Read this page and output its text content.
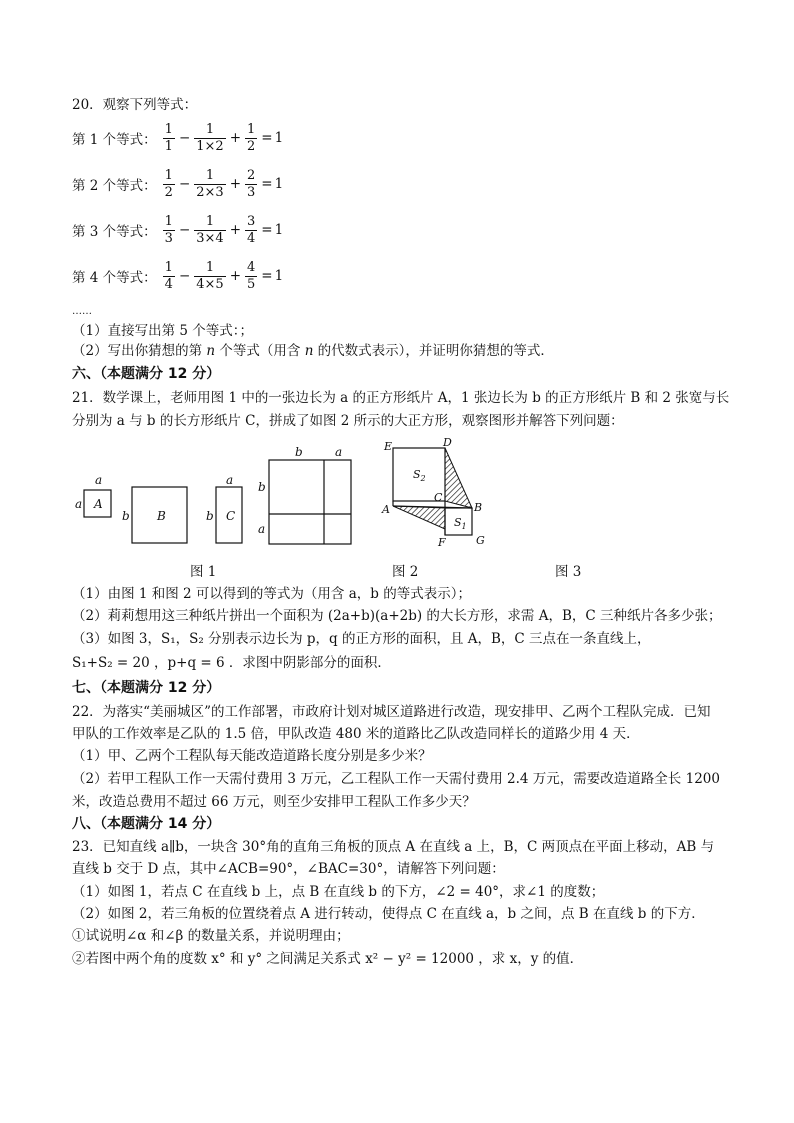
20．观察下列等式：
第 1 个等式： $\frac{1}{1} - \frac{1}{1\times 2} + \frac{1}{2} = 1$
第 2 个等式： $\frac{1}{2} - \frac{1}{2\times 3} + \frac{2}{3} = 1$
第 3 个等式： $\frac{1}{3} - \frac{1}{3\times 4} + \frac{3}{4} = 1$
第 4 个等式： $\frac{1}{4} - \frac{1}{4\times 5} + \frac{4}{5} = 1$
……
（1）直接写出第 5 个等式：；
（2）写出你猜想的第 n 个等式（用含 n 的代数式表示），并证明你猜想的等式．
六、（本题满分 12 分）
21．数学课上，老师用图 1 中的一张边长为 a 的正方形纸片 A，1 张边长为 b 的正方形纸片 B 和 2 张宽与长
分别为 a 与 b 的长方形纸片 C，拼成了如图 2 所示的大正方形，观察图形并解答下列问题：
a
a A
b B	b
a
C
b	a
b
a
E	D
$S_2$
C
A	B
$S_1$
F	G
图 1	图 2	图 3
（1）由图 1 和图 2 可以得到的等式为（用含 a，b 的等式表示）；
（2）莉莉想用这三种纸片拼出一个面积为 (2a+b)(a+2b) 的大长方形，求需 A，B，C 三种纸片各多少张；
（3）如图 3，S₁，S₂ 分别表示边长为 p，q 的正方形的面积，且 A，B，C 三点在一条直线上，
S₁+S₂ = 20 ，p+q = 6 ．求图中阴影部分的面积．
七、（本题满分 12 分）
22．为落实“美丽城区”的工作部署，市政府计划对城区道路进行改造，现安排甲、乙两个工程队完成．已知
甲队的工作效率是乙队的 1.5 倍，甲队改造 480 米的道路比乙队改造同样长的道路少用 4 天．
（1）甲、乙两个工程队每天能改造道路长度分别是多少米？
（2）若甲工程队工作一天需付费用 3 万元，乙工程队工作一天需付费用 2.4 万元，需要改造道路全长 1200
米，改造总费用不超过 66 万元，则至少安排甲工程队工作多少天？
八、（本题满分 14 分）
23．已知直线 a∥b，一块含 30°角的直角三角板的顶点 A 在直线 a 上，B，C 两顶点在平面上移动，AB 与
直线 b 交于 D 点，其中∠ACB=90°，∠BAC=30°，请解答下列问题：
（1）如图 1，若点 C 在直线 b 上，点 B 在直线 b 的下方，∠2 = 40°，求∠1 的度数；
（2）如图 2，若三角板的位置绕着点 A 进行转动，使得点 C 在直线 a，b 之间，点 B 在直线 b 的下方．
①试说明∠α 和∠β 的数量关系，并说明理由；
②若图中两个角的度数 x° 和 y° 之间满足关系式 x² − y² = 12000 ，求 x，y 的值．
